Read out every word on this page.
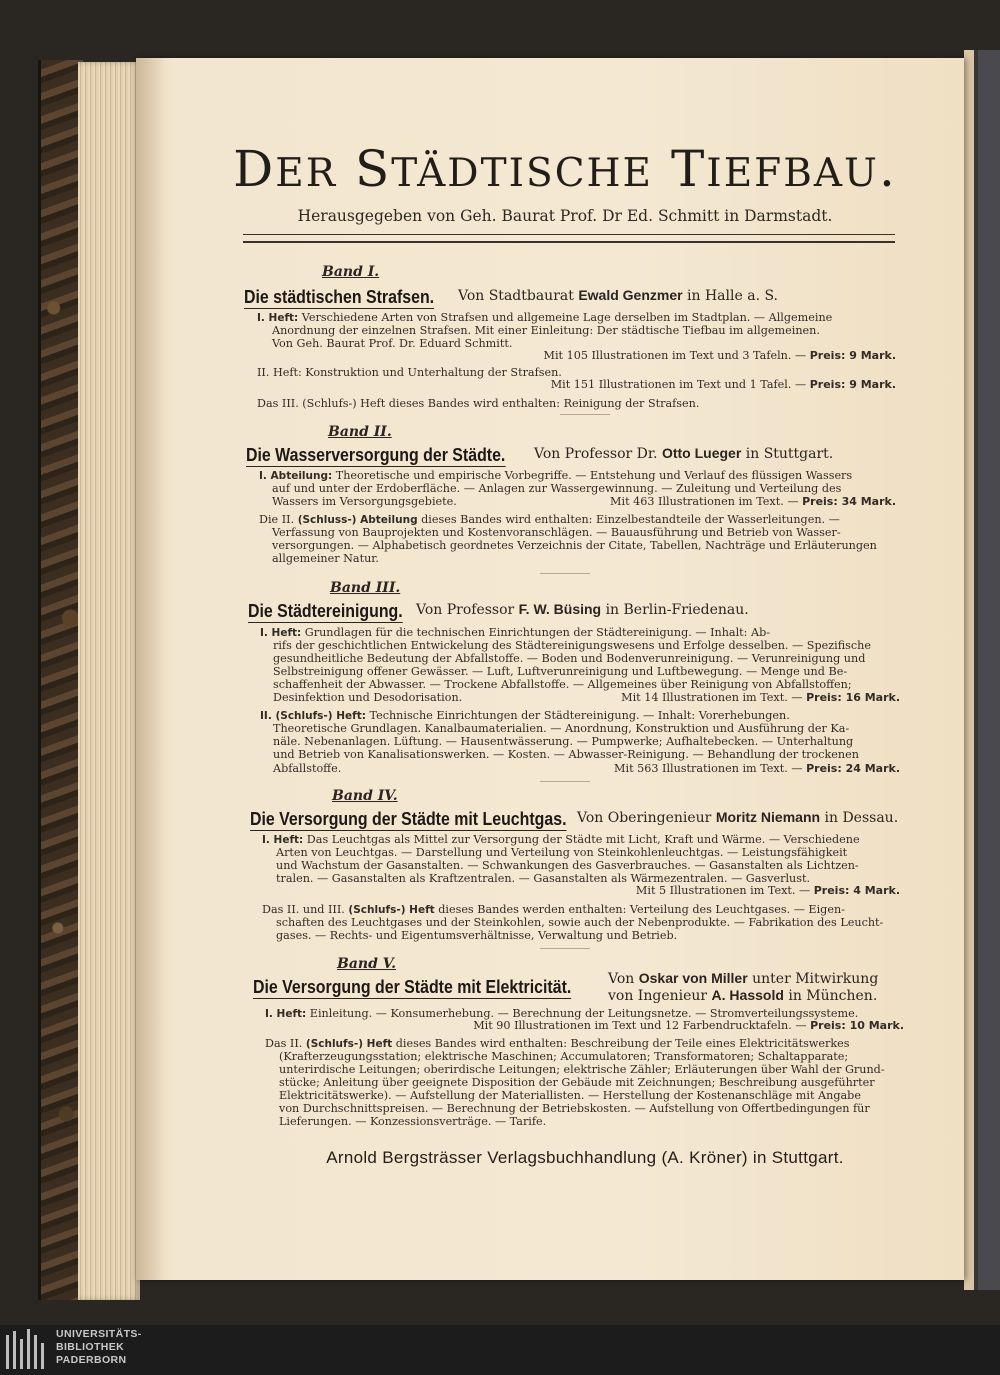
DER STÄDTISCHE TIEFBAU.
Herausgegeben von Geh. Baurat Prof. Dr Ed. Schmitt in Darmstadt.
Band I.
Die städtischen Strafsen. Von Stadtbaurat Ewald Genzmer in Halle a. S.
I. Heft: Verschiedene Arten von Strafsen und allgemeine Lage derselben im Stadtplan. — Allgemeine
Anordnung der einzelnen Strafsen. Mit einer Einleitung: Der städtische Tiefbau im allgemeinen.
Von Geh. Baurat Prof. Dr. Eduard Schmitt.
Mit 105 Illustrationen im Text und 3 Tafeln. — Preis: 9 Mark.
II. Heft: Konstruktion und Unterhaltung der Strafsen.
Mit 151 Illustrationen im Text und 1 Tafel. — Preis: 9 Mark.
Das III. (Schlufs-) Heft dieses Bandes wird enthalten: Reinigung der Strafsen.
Band II.
Die Wasserversorgung der Städte. Von Professor Dr. Otto Lueger in Stuttgart.
I. Abteilung: Theoretische und empirische Vorbegriffe. — Entstehung und Verlauf des flüssigen Wassers
auf und unter der Erdoberfläche. — Anlagen zur Wassergewinnung. — Zuleitung und Verteilung des
Wassers im Versorgungsgebiete.	Mit 463 Illustrationen im Text. — Preis: 34 Mark.
Die II. (Schluss-) Abteilung dieses Bandes wird enthalten: Einzelbestandteile der Wasserleitungen. —
Verfassung von Bauprojekten und Kostenvoranschlägen. — Bauausführung und Betrieb von Wasser-
versorgungen. — Alphabetisch geordnetes Verzeichnis der Citate, Tabellen, Nachträge und Erläuterungen
allgemeiner Natur.
Band III.
Die Städtereinigung. Von Professor F. W. Büsing in Berlin-Friedenau.
I. Heft: Grundlagen für die technischen Einrichtungen der Städtereinigung. — Inhalt: Ab-
rifs der geschichtlichen Entwickelung des Städtereinigungswesens und Erfolge desselben. — Spezifische
gesundheitliche Bedeutung der Abfallstoffe. — Boden und Bodenverunreinigung. — Verunreinigung und
Selbstreinigung offener Gewässer. — Luft, Luftverunreinigung und Luftbewegung. — Menge und Be-
schaffenheit der Abwasser. — Trockene Abfallstoffe. — Allgemeines über Reinigung von Abfallstoffen;
Desinfektion und Desodorisation.	Mit 14 Illustrationen im Text. — Preis: 16 Mark.
II. (Schlufs-) Heft: Technische Einrichtungen der Städtereinigung. — Inhalt: Vorerhebungen.
Theoretische Grundlagen. Kanalbaumaterialien. — Anordnung, Konstruktion und Ausführung der Ka-
näle. Nebenanlagen. Lüftung. — Hausentwässerung. — Pumpwerke; Aufhaltebecken. — Unterhaltung
und Betrieb von Kanalisationswerken. — Kosten. — Abwasser-Reinigung. — Behandlung der trockenen
Abfallstoffe.	Mit 563 Illustrationen im Text. — Preis: 24 Mark.
Band IV.
Die Versorgung der Städte mit Leuchtgas. Von Oberingenieur Moritz Niemann in Dessau.
I. Heft: Das Leuchtgas als Mittel zur Versorgung der Städte mit Licht, Kraft und Wärme. — Verschiedene
Arten von Leuchtgas. — Darstellung und Verteilung von Steinkohlenleuchtgas. — Leistungsfähigkeit
und Wachstum der Gasanstalten. — Schwankungen des Gasverbrauches. — Gasanstalten als Lichtzen-
tralen. — Gasanstalten als Kraftzentralen. — Gasanstalten als Wärmezentralen. — Gasverlust.
Mit 5 Illustrationen im Text. — Preis: 4 Mark.
Das II. und III. (Schlufs-) Heft dieses Bandes werden enthalten: Verteilung des Leuchtgases. — Eigen-
schaften des Leuchtgases und der Steinkohlen, sowie auch der Nebenprodukte. — Fabrikation des Leucht-
gases. — Rechts- und Eigentumsverhältnisse, Verwaltung und Betrieb.
Band V.
Die Versorgung der Städte mit Elektricität.	Von Oskar von Miller unter Mitwirkung
von Ingenieur A. Hassold in München.
I. Heft: Einleitung. — Konsumerhebung. — Berechnung der Leitungsnetze. — Stromverteilungssysteme.
Mit 90 Illustrationen im Text und 12 Farbendrucktafeln. — Preis: 10 Mark.
Das II. (Schlufs-) Heft dieses Bandes wird enthalten: Beschreibung der Teile eines Elektricitätswerkes
(Krafterzeugungsstation; elektrische Maschinen; Accumulatoren; Transformatoren; Schaltapparate;
unterirdische Leitungen; oberirdische Leitungen; elektrische Zähler; Erläuterungen über Wahl der Grund-
stücke; Anleitung über geeignete Disposition der Gebäude mit Zeichnungen; Beschreibung ausgeführter
Elektricitätswerke). — Aufstellung der Materiallisten. — Herstellung der Kostenanschläge mit Angabe
von Durchschnittspreisen. — Berechnung der Betriebskosten. — Aufstellung von Offertbedingungen für
Lieferungen. — Konzessionsverträge. — Tarife.
Arnold Bergsträsser Verlagsbuchhandlung (A. Kröner) in Stuttgart.
UNIVERSITÄTS-
BIBLIOTHEK
PADERBORN
